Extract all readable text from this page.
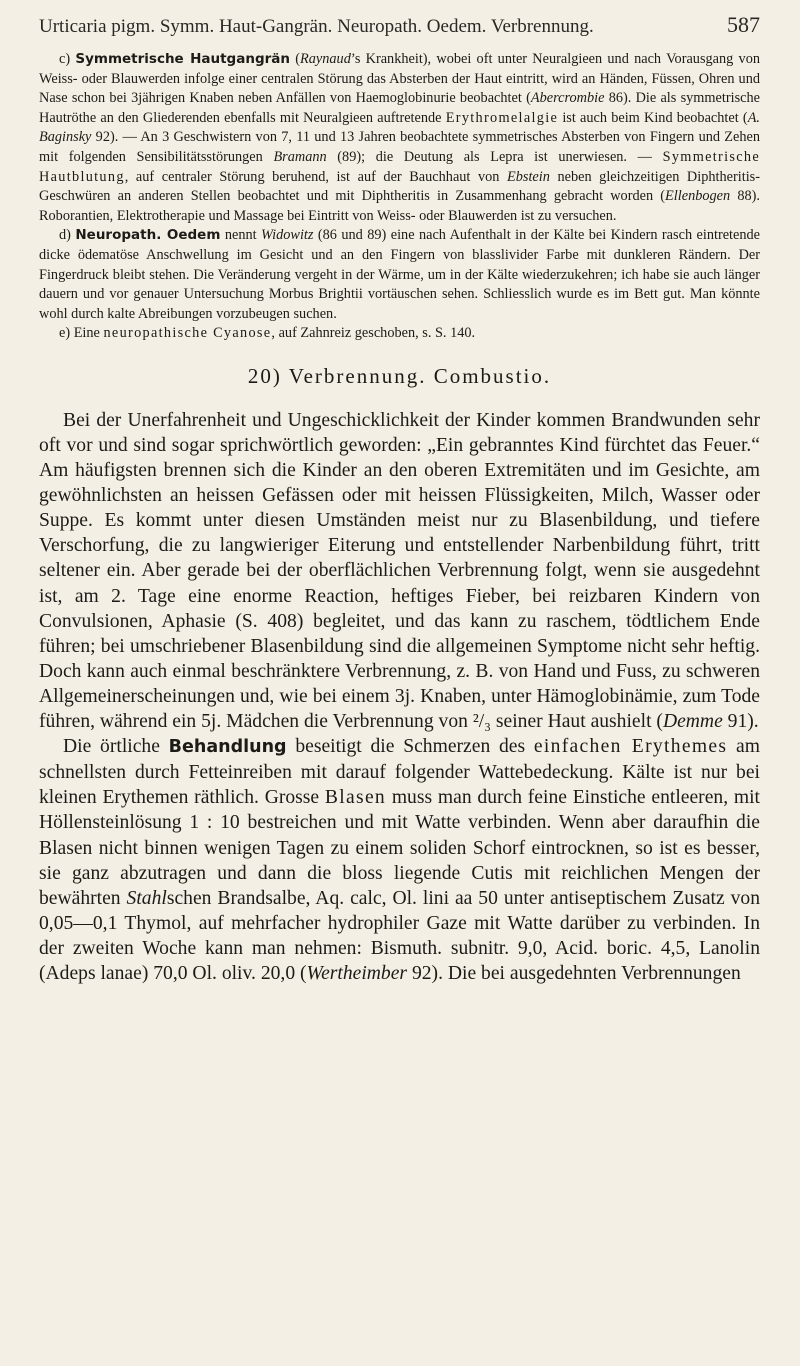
Urticaria pigm. Symm. Haut-Gangrän. Neuropath. Oedem. Verbrennung.	587

c) Symmetrische Hautgangrän (Raynaud’s Krankheit), wobei oft unter Neuralgieen und nach Vorausgang von Weiss- oder Blauwerden infolge einer centralen Störung das Absterben der Haut eintritt, wird an Händen, Füssen, Ohren und Nase schon bei 3jährigen Knaben neben Anfällen von Haemoglobinurie beobachtet (Abercrombie 86). Die als symmetrische Hautröthe an den Gliederenden ebenfalls mit Neuralgieen auftretende Erythromelalgie ist auch beim Kind beobachtet (A. Baginsky 92). — An 3 Geschwistern von 7, 11 und 13 Jahren beobachtete symmetrisches Absterben von Fingern und Zehen mit folgenden Sensibilitätsstörungen Bramann (89); die Deutung als Lepra ist unerwiesen. — Symmetrische Hautblutung, auf centraler Störung beruhend, ist auf der Bauchhaut von Ebstein neben gleichzeitigen Diphtheritis-Geschwüren an anderen Stellen beobachtet und mit Diphtheritis in Zusammenhang gebracht worden (Ellenbogen 88). Roborantien, Elektrotherapie und Massage bei Eintritt von Weiss- oder Blauwerden ist zu versuchen.

d) Neuropath. Oedem nennt Widowitz (86 und 89) eine nach Aufenthalt in der Kälte bei Kindern rasch eintretende dicke ödematöse Anschwellung im Gesicht und an den Fingern von blasslivider Farbe mit dunkleren Rändern. Der Fingerdruck bleibt stehen. Die Veränderung vergeht in der Wärme, um in der Kälte wiederzukehren; ich habe sie auch länger dauern und vor genauer Untersuchung Morbus Brightii vortäuschen sehen. Schliesslich wurde es im Bett gut. Man könnte wohl durch kalte Abreibungen vorzubeugen suchen.

e) Eine neuropathische Cyanose, auf Zahnreiz geschoben, s. S. 140.

20) Verbrennung. Combustio.

Bei der Unerfahrenheit und Ungeschicklichkeit der Kinder kommen Brandwunden sehr oft vor und sind sogar sprichwörtlich geworden: „Ein gebranntes Kind fürchtet das Feuer.“ Am häufigsten brennen sich die Kinder an den oberen Extremitäten und im Gesichte, am gewöhnlichsten an heissen Gefässen oder mit heissen Flüssigkeiten, Milch, Wasser oder Suppe. Es kommt unter diesen Umständen meist nur zu Blasenbildung, und tiefere Verschorfung, die zu langwieriger Eiterung und entstellender Narbenbildung führt, tritt seltener ein. Aber gerade bei der oberflächlichen Verbrennung folgt, wenn sie ausgedehnt ist, am 2. Tage eine enorme Reaction, heftiges Fieber, bei reizbaren Kindern von Convulsionen, Aphasie (S. 408) begleitet, und das kann zu raschem, tödtlichem Ende führen; bei umschriebener Blasenbildung sind die allgemeinen Symptome nicht sehr heftig. Doch kann auch einmal beschränktere Verbrennung, z. B. von Hand und Fuss, zu schweren Allgemeinerscheinungen und, wie bei einem 3j. Knaben, unter Hämoglobinämie, zum Tode führen, während ein 5j. Mädchen die Verbrennung von ²/₃ seiner Haut aushielt (Demme 91).

Die örtliche Behandlung beseitigt die Schmerzen des einfachen Erythemes am schnellsten durch Fetteinreiben mit darauf folgender Wattebedeckung. Kälte ist nur bei kleinen Erythemen räthlich. Grosse Blasen muss man durch feine Einstiche entleeren, mit Höllensteinlösung 1 : 10 bestreichen und mit Watte verbinden. Wenn aber daraufhin die Blasen nicht binnen wenigen Tagen zu einem soliden Schorf eintrocknen, so ist es besser, sie ganz abzutragen und dann die bloss liegende Cutis mit reichlichen Mengen der bewährten Stahlschen Brandsalbe, Aq. calc, Ol. lini aa 50 unter antiseptischem Zusatz von 0,05—0,1 Thymol, auf mehrfacher hydrophiler Gaze mit Watte darüber zu verbinden. In der zweiten Woche kann man nehmen: Bismuth. subnitr. 9,0, Acid. boric. 4,5, Lanolin (Adeps lanae) 70,0 Ol. oliv. 20,0 (Wertheimber 92). Die bei ausgedehnten Verbrennungen
